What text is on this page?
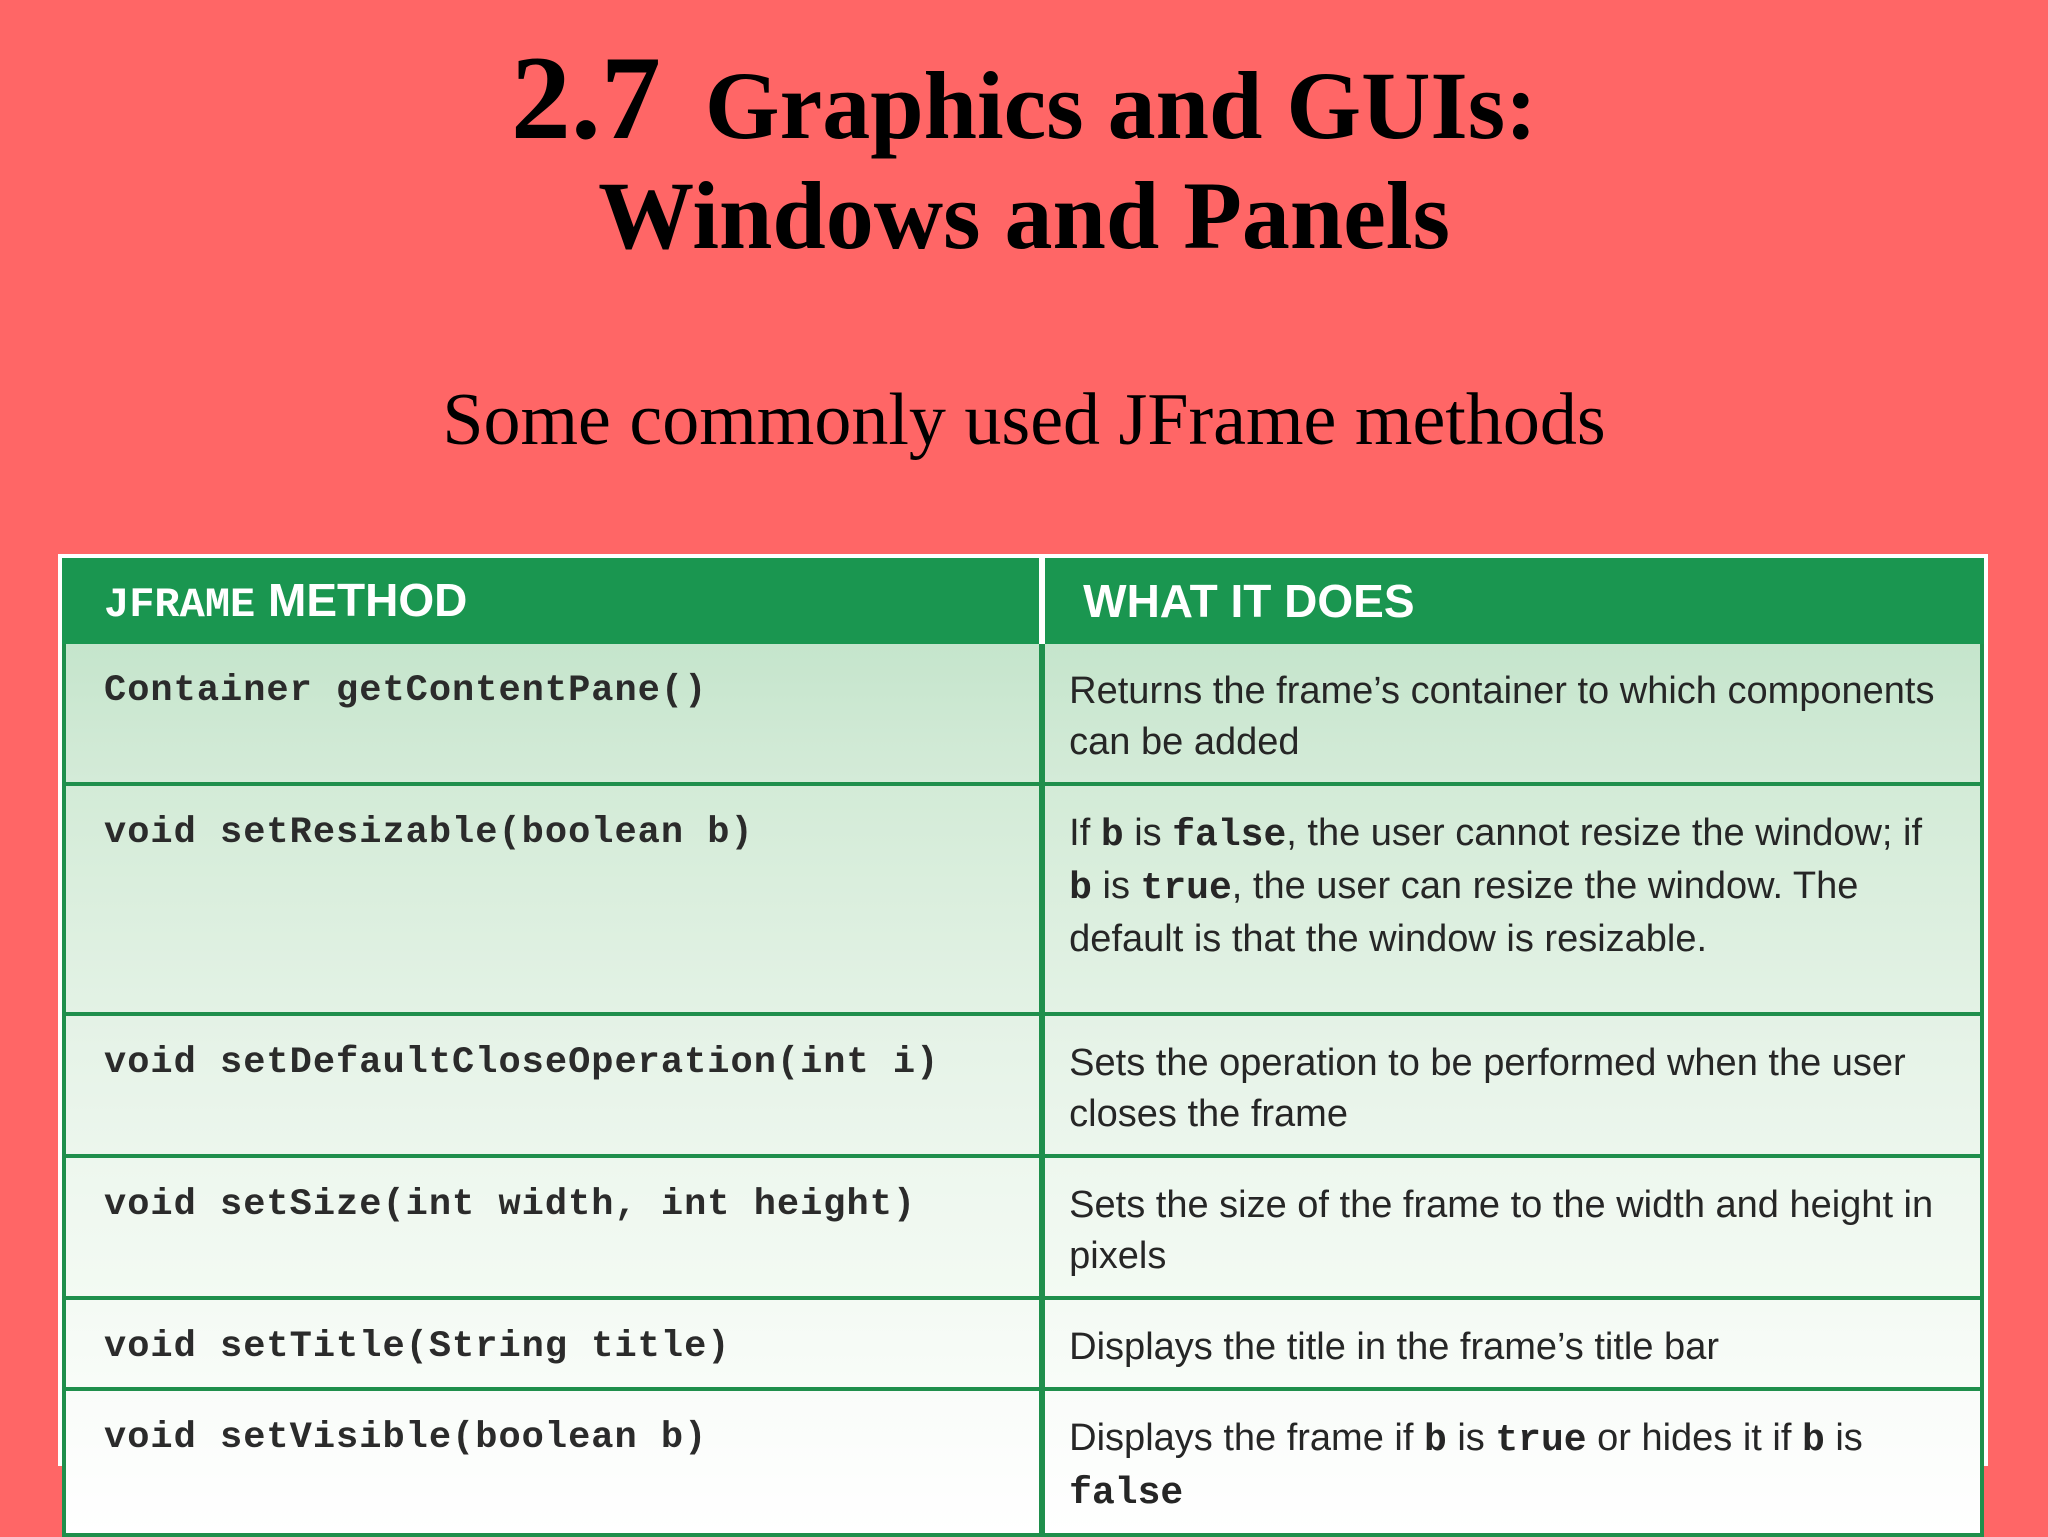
2.7 Graphics and GUIs:
Windows and Panels
Some commonly used JFrame methods
JFRAME METHOD	WHAT IT DOES
Container getContentPane()	Returns the frame’s container to which components can be added
void setResizable(boolean b)	If b is false, the user cannot resize the window; if b is true, the user can resize the window. The default is that the window is resizable.
void setDefaultCloseOperation(int i)	Sets the operation to be performed when the user closes the frame
void setSize(int width, int height)	Sets the size of the frame to the width and height in pixels
void setTitle(String title)	Displays the title in the frame’s title bar
void setVisible(boolean b)	Displays the frame if b is true or hides it if b is false
